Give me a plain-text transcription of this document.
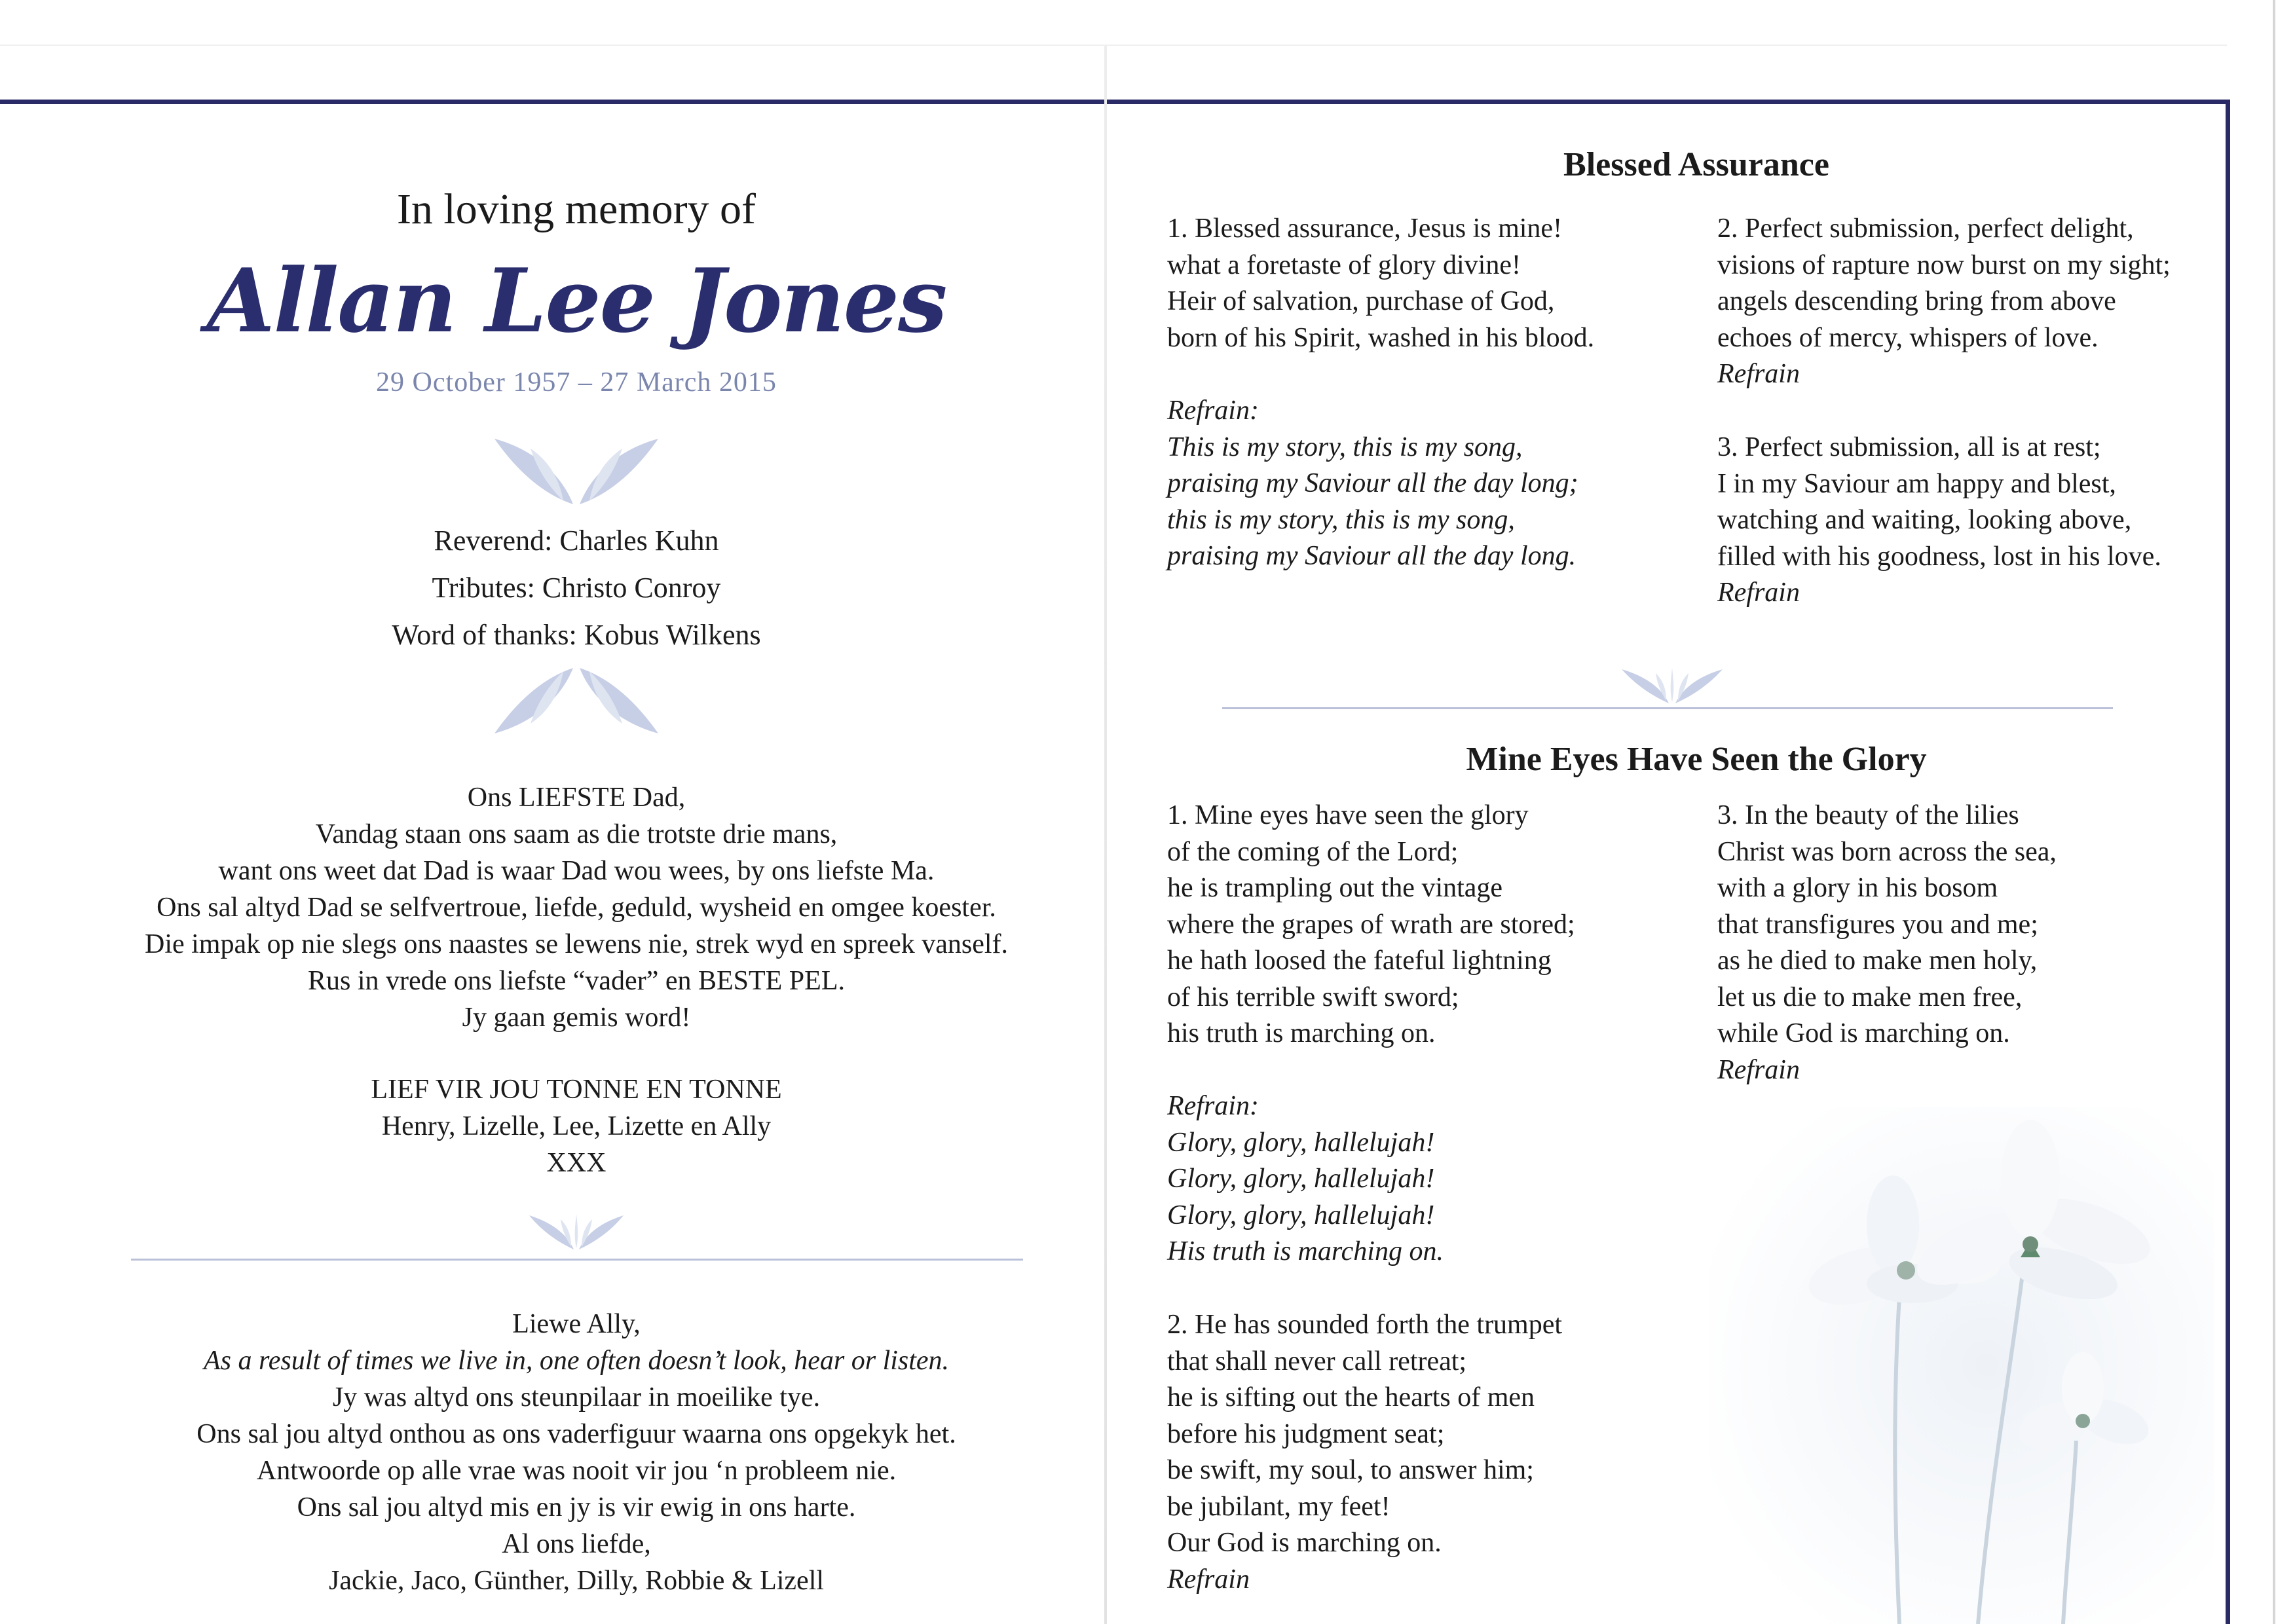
In loving memory of
Allan Lee Jones
29 October 1957 – 27 March 2015
Reverend: Charles Kuhn
Tributes: Christo Conroy
Word of thanks: Kobus Wilkens
Ons LIEFSTE Dad,
Vandag staan ons saam as die trotste drie mans,
want ons weet dat Dad is waar Dad wou wees, by ons liefste Ma.
Ons sal altyd Dad se selfvertroue, liefde, geduld, wysheid en omgee koester.
Die impak op nie slegs ons naastes se lewens nie, strek wyd en spreek vanself.
Rus in vrede ons liefste “vader” en BESTE PEL.
Jy gaan gemis word!
LIEF VIR JOU TONNE EN TONNE
Henry, Lizelle, Lee, Lizette en Ally
XXX
Liewe Ally,
As a result of times we live in, one often doesn’t look, hear or listen.
Jy was altyd ons steunpilaar in moeilike tye.
Ons sal jou altyd onthou as ons vaderfiguur waarna ons opgekyk het.
Antwoorde op alle vrae was nooit vir jou ‘n probleem nie.
Ons sal jou altyd mis en jy is vir ewig in ons harte.
Al ons liefde,
Jackie, Jaco, Günther, Dilly, Robbie & Lizell
Blessed Assurance
1. Blessed assurance, Jesus is mine!
what a foretaste of glory divine!
Heir of salvation, purchase of God,
born of his Spirit, washed in his blood.
Refrain:
This is my story, this is my song,
praising my Saviour all the day long;
this is my story, this is my song,
praising my Saviour all the day long.
2. Perfect submission, perfect delight,
visions of rapture now burst on my sight;
angels descending bring from above
echoes of mercy, whispers of love.
Refrain
3. Perfect submission, all is at rest;
I in my Saviour am happy and blest,
watching and waiting, looking above,
filled with his goodness, lost in his love.
Refrain
Mine Eyes Have Seen the Glory
1. Mine eyes have seen the glory
of the coming of the Lord;
he is trampling out the vintage
where the grapes of wrath are stored;
he hath loosed the fateful lightning
of his terrible swift sword;
his truth is marching on.
Refrain:
Glory, glory, hallelujah!
Glory, glory, hallelujah!
Glory, glory, hallelujah!
His truth is marching on.
2. He has sounded forth the trumpet
that shall never call retreat;
he is sifting out the hearts of men
before his judgment seat;
be swift, my soul, to answer him;
be jubilant, my feet!
Our God is marching on.
Refrain
3. In the beauty of the lilies
Christ was born across the sea,
with a glory in his bosom
that transfigures you and me;
as he died to make men holy,
let us die to make men free,
while God is marching on.
Refrain
